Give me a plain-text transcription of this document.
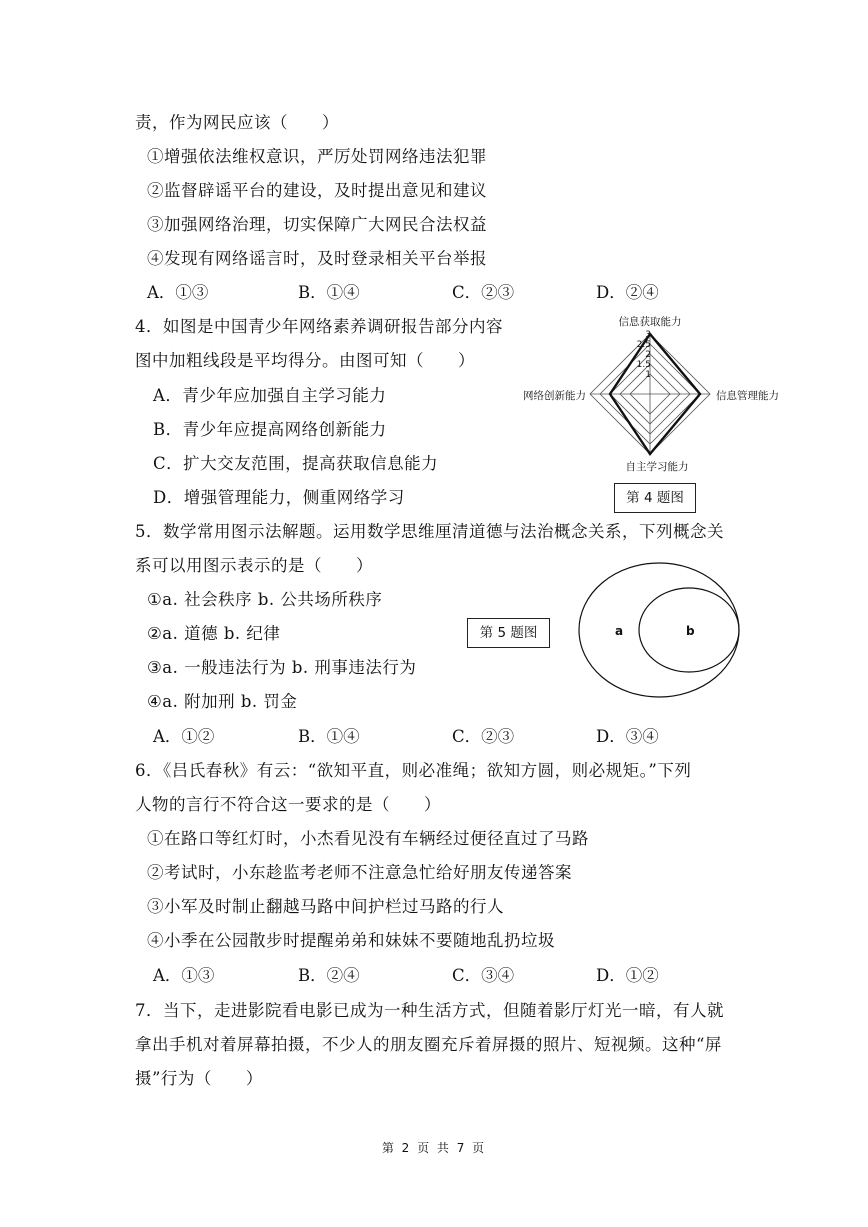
责，作为网民应该（　　）
①增强依法维权意识，严厉处罚网络违法犯罪
②监督辟谣平台的建设，及时提出意见和建议
③加强网络治理，切实保障广大网民合法权益
④发现有网络谣言时，及时登录相关平台举报
A．①③	B．①④	C．②③	D．②④
4．如图是中国青少年网络素养调研报告部分内容
图中加粗线段是平均得分。由图可知（　　）
A．青少年应加强自主学习能力
B．青少年应提高网络创新能力
C．扩大交友范围，提高获取信息能力
D．增强管理能力，侧重网络学习
1
1.5
2
2.5
3
信息获取能力
信息管理能力
自主学习能力
网络创新能力
第 4 题图
5．数学常用图示法解题。运用数学思维厘清道德与法治概念关系，下列概念关
系可以用图示表示的是（　　）
①a. 社会秩序 b. 公共场所秩序
②a. 道德 b. 纪律
③a. 一般违法行为 b. 刑事违法行为
④a. 附加刑 b. 罚金
第 5 题图	a	b
A．①②	B．①④	C．②③	D．③④
6．《吕氏春秋》有云：“欲知平直，则必准绳；欲知方圆，则必规矩。”下列
人物的言行不符合这一要求的是（　　）
①在路口等红灯时，小杰看见没有车辆经过便径直过了马路
②考试时，小东趁监考老师不注意急忙给好朋友传递答案
③小军及时制止翻越马路中间护栏过马路的行人
④小季在公园散步时提醒弟弟和妹妹不要随地乱扔垃圾
A．①③	B．②④	C．③④	D．①②
7．当下，走进影院看电影已成为一种生活方式，但随着影厅灯光一暗，有人就
拿出手机对着屏幕拍摄，不少人的朋友圈充斥着屏摄的照片、短视频。这种“屏
摄”行为（　　）
第 2 页 共 7 页
